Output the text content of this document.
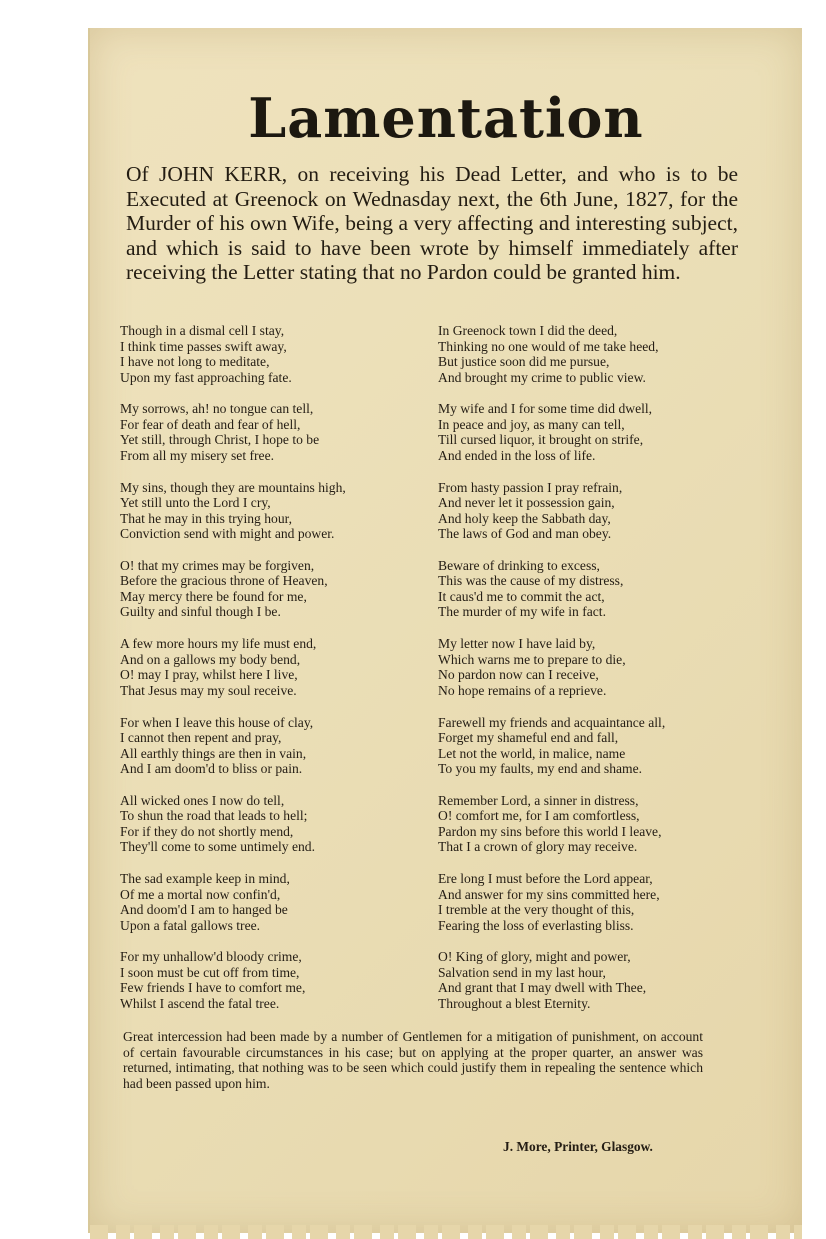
Lamentation
Of JOHN KERR, on receiving his Dead Letter, and who is to be Executed at Greenock on Wednasday next, the 6th June, 1827, for the Murder of his own Wife, being a very affecting and interesting subject, and which is said to have been wrote by himself immediately after receiving the Letter stating that no Pardon could be granted him.
Though in a dismal cell I stay,
I think time passes swift away,
I have not long to meditate,
Upon my fast approaching fate.
My sorrows, ah! no tongue can tell,
For fear of death and fear of hell,
Yet still, through Christ, I hope to be
From all my misery set free.
My sins, though they are mountains high,
Yet still unto the Lord I cry,
That he may in this trying hour,
Conviction send with might and power.
O! that my crimes may be forgiven,
Before the gracious throne of Heaven,
May mercy there be found for me,
Guilty and sinful though I be.
A few more hours my life must end,
And on a gallows my body bend,
O! may I pray, whilst here I live,
That Jesus may my soul receive.
For when I leave this house of clay,
I cannot then repent and pray,
All earthly things are then in vain,
And I am doom'd to bliss or pain.
All wicked ones I now do tell,
To shun the road that leads to hell;
For if they do not shortly mend,
They'll come to some untimely end.
The sad example keep in mind,
Of me a mortal now confin'd,
And doom'd I am to hanged be
Upon a fatal gallows tree.
For my unhallow'd bloody crime,
I soon must be cut off from time,
Few friends I have to comfort me,
Whilst I ascend the fatal tree.
In Greenock town I did the deed,
Thinking no one would of me take heed,
But justice soon did me pursue,
And brought my crime to public view.
My wife and I for some time did dwell,
In peace and joy, as many can tell,
Till cursed liquor, it brought on strife,
And ended in the loss of life.
From hasty passion I pray refrain,
And never let it possession gain,
And holy keep the Sabbath day,
The laws of God and man obey.
Beware of drinking to excess,
This was the cause of my distress,
It caus'd me to commit the act,
The murder of my wife in fact.
My letter now I have laid by,
Which warns me to prepare to die,
No pardon now can I receive,
No hope remains of a reprieve.
Farewell my friends and acquaintance all,
Forget my shameful end and fall,
Let not the world, in malice, name
To you my faults, my end and shame.
Remember Lord, a sinner in distress,
O! comfort me, for I am comfortless,
Pardon my sins before this world I leave,
That I a crown of glory may receive.
Ere long I must before the Lord appear,
And answer for my sins committed here,
I tremble at the very thought of this,
Fearing the loss of everlasting bliss.
O! King of glory, might and power,
Salvation send in my last hour,
And grant that I may dwell with Thee,
Throughout a blest Eternity.
Great intercession had been made by a number of Gentlemen for a mitigation of punishment, on account of certain favourable circumstances in his case; but on applying at the proper quarter, an answer was returned, intimating, that nothing was to be seen which could justify them in repealing the sentence which had been passed upon him.
J. More, Printer, Glasgow.
